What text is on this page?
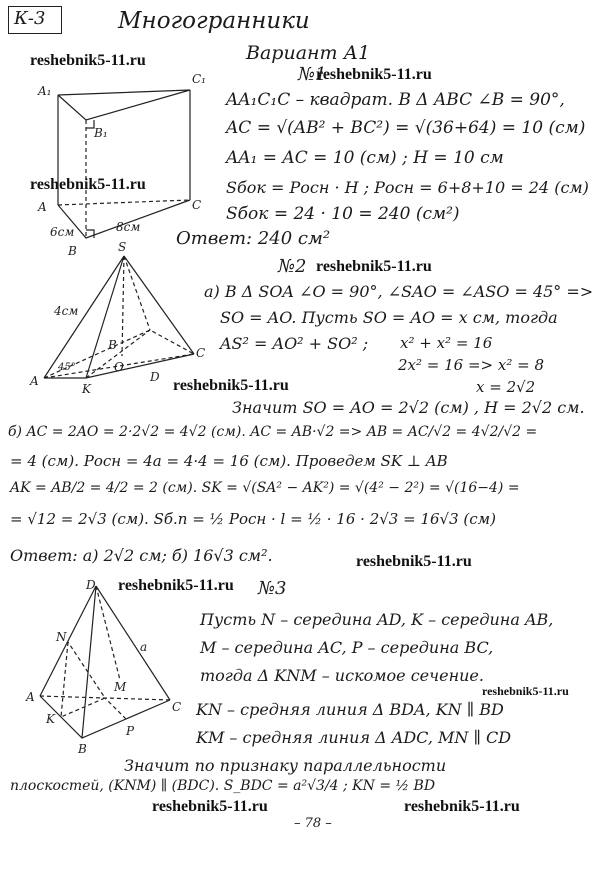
К-3	Многогранники
Вариант А1
reshebnik5-11.ru
reshebnik5-11.ru
reshebnik5-11.ru
reshebnik5-11.ru
reshebnik5-11.ru
reshebnik5-11.ru
reshebnik5-11.ru
reshebnik5-11.ru
reshebnik5-11.ru	reshebnik5-11.ru
A₁
C₁
B₁
A	C
B
6см	8см
№1
AA₁C₁C – квадрат. В Δ ABC ∠B = 90°,
AC = √(AB² + BC²) = √(36+64) = 10 (см)
AA₁ = AC = 10 (см) ; H = 10 см
Sбок = Pосн · H ; Pосн = 6+8+10 = 24 (см)
Sбок = 24 · 10 = 240 (см²)
Ответ: 240 см²
S
4см
B
C
A
45°
K
O
D
№2
а) В Δ SOA ∠O = 90°, ∠SAO = ∠ASO = 45° =>
SO = AO. Пусть SO = AO = x см, тогда
AS² = AO² + SO² ; x² + x² = 16
2x² = 16 => x² = 8
x = 2√2
Значит SO = AO = 2√2 (см) , H = 2√2 см.
б) AC = 2AO = 2·2√2 = 4√2 (см). AC = AB·√2 => AB = AC/√2 = 4√2/√2 =
= 4 (см). Pосн = 4a = 4·4 = 16 (см). Проведем SK ⊥ AB
AK = AB/2 = 4/2 = 2 (см). SK = √(SA² − AK²) = √(4² − 2²) = √(16−4) =
= √12 = 2√3 (см). Sб.п = ½ Pосн · l = ½ · 16 · 2√3 = 16√3 (см)
Ответ: а) 2√2 см; б) 16√3 см².
D
N
a
M
A
K
P
C
B
№3
Пусть N – середина AD, K – середина AB,
M – середина AC, P – середина BC,
тогда Δ KNM – искомое сечение.
KN – средняя линия Δ BDA, KN ∥ BD
KM – средняя линия Δ ADC, MN ∥ CD
Значит по признаку параллельности
плоскостей, (KNM) ∥ (BDC). S_BDC = a²√3/4 ; KN = ½ BD
– 78 –
